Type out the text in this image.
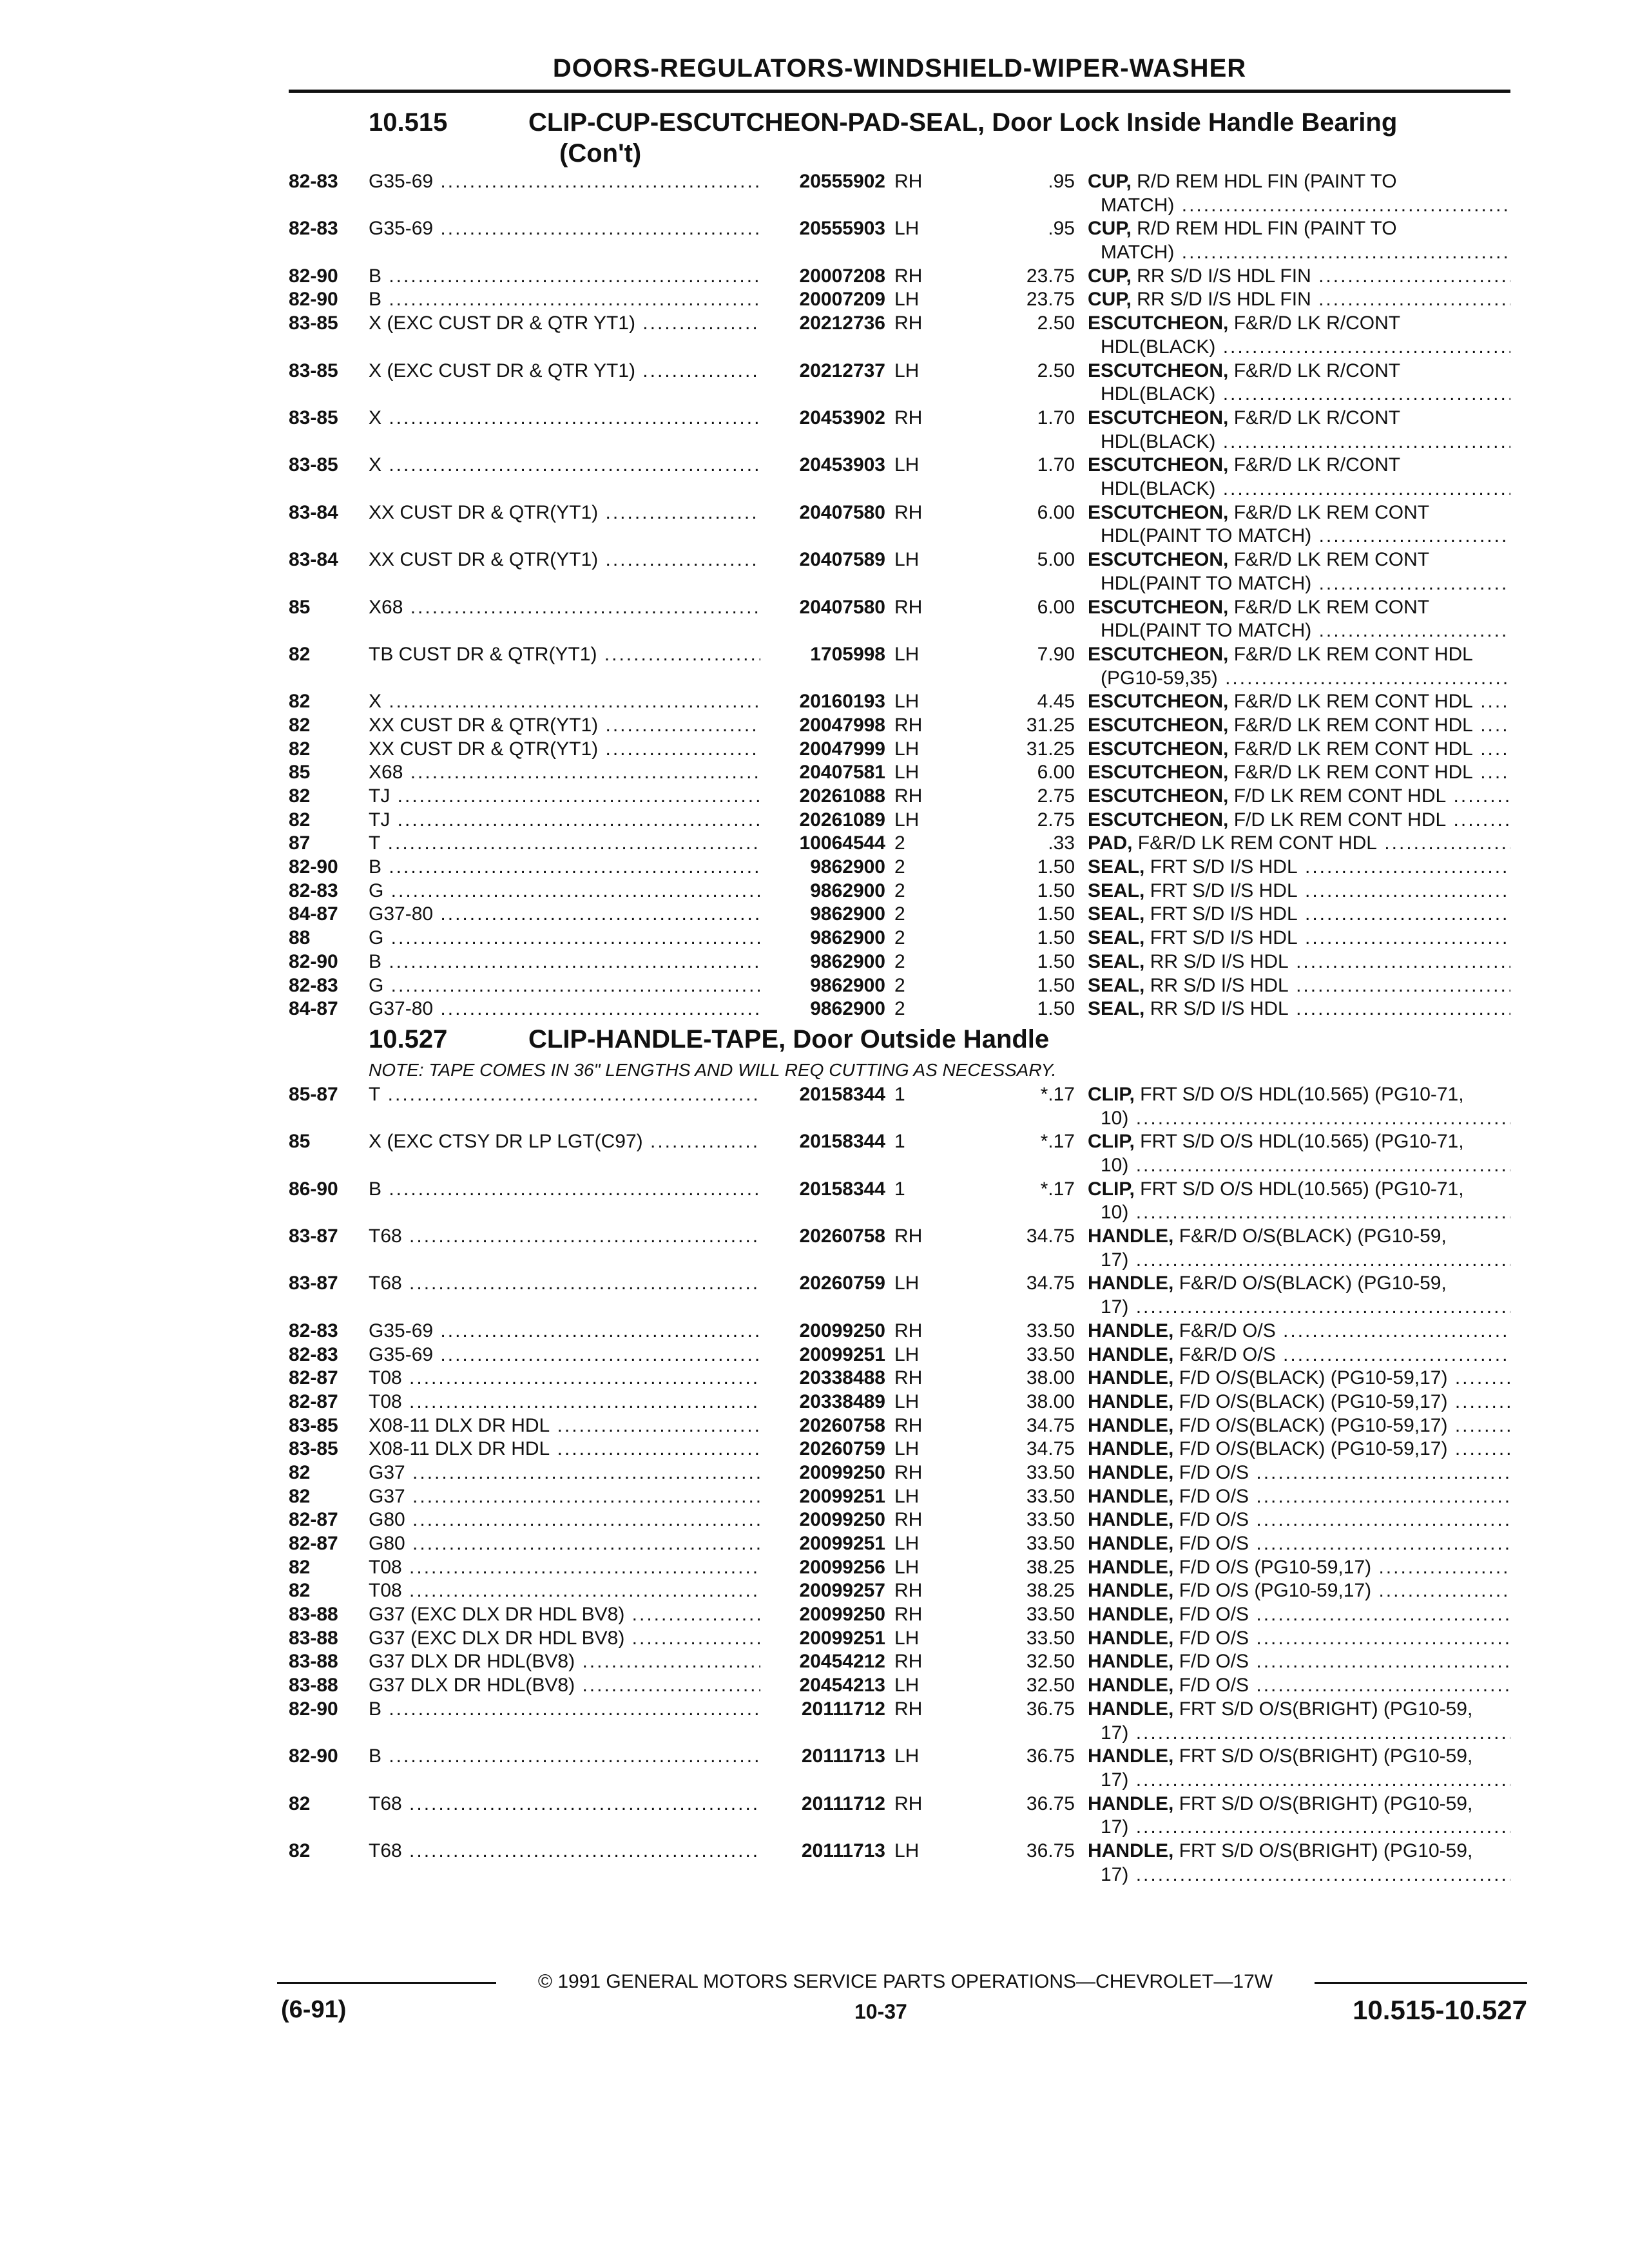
DOORS-REGULATORS-WINDSHIELD-WIPER-WASHER
10.515	CLIP-CUP-ESCUTCHEON-PAD-SEAL, Door Lock Inside Handle Bearing
(Con't)
82-83	G35-69 .....	20555902 RH	.95 CUP, R/D REM HDL FIN (PAINT TO
MATCH) .....
82-83	G35-69 .....	20555903 LH	.95 CUP, R/D REM HDL FIN (PAINT TO
MATCH) .....
82-90	B .....	20007208 RH	23.75 CUP, RR S/D I/S HDL FIN .....
82-90	B .....	20007209 LH	23.75 CUP, RR S/D I/S HDL FIN .....
83-85	X (EXC CUST DR & QTR YT1) .....	20212736 RH	2.50 ESCUTCHEON, F&R/D LK R/CONT
HDL(BLACK) .....
83-85	X (EXC CUST DR & QTR YT1) .....	20212737 LH	2.50 ESCUTCHEON, F&R/D LK R/CONT
HDL(BLACK) .....
83-85	X .....	20453902 RH	1.70 ESCUTCHEON, F&R/D LK R/CONT
HDL(BLACK) .....
83-85	X .....	20453903 LH	1.70 ESCUTCHEON, F&R/D LK R/CONT
HDL(BLACK) .....
83-84	XX CUST DR & QTR(YT1) .....	20407580 RH	6.00 ESCUTCHEON, F&R/D LK REM CONT
HDL(PAINT TO MATCH) .....
83-84	XX CUST DR & QTR(YT1) .....	20407589 LH	5.00 ESCUTCHEON, F&R/D LK REM CONT
HDL(PAINT TO MATCH) .....
85	X68 .....	20407580 RH	6.00 ESCUTCHEON, F&R/D LK REM CONT
HDL(PAINT TO MATCH) .....
82	TB CUST DR & QTR(YT1) .....	1705998 LH	7.90 ESCUTCHEON, F&R/D LK REM CONT HDL
(PG10-59,35) .....
82	X .....	20160193 LH	4.45 ESCUTCHEON, F&R/D LK REM CONT HDL .....
82	XX CUST DR & QTR(YT1) .....	20047998 RH	31.25 ESCUTCHEON, F&R/D LK REM CONT HDL .....
82	XX CUST DR & QTR(YT1) .....	20047999 LH	31.25 ESCUTCHEON, F&R/D LK REM CONT HDL .....
85	X68 .....	20407581 LH	6.00 ESCUTCHEON, F&R/D LK REM CONT HDL .....
82	TJ .....	20261088 RH	2.75 ESCUTCHEON, F/D LK REM CONT HDL .....
82	TJ .....	20261089 LH	2.75 ESCUTCHEON, F/D LK REM CONT HDL .....
87	T .....	10064544 2	.33 PAD, F&R/D LK REM CONT HDL .....
82-90	B .....	9862900 2	1.50 SEAL, FRT S/D I/S HDL .....
82-83	G .....	9862900 2	1.50 SEAL, FRT S/D I/S HDL .....
84-87	G37-80 .....	9862900 2	1.50 SEAL, FRT S/D I/S HDL .....
88	G .....	9862900 2	1.50 SEAL, FRT S/D I/S HDL .....
82-90	B .....	9862900 2	1.50 SEAL, RR S/D I/S HDL .....
82-83	G .....	9862900 2	1.50 SEAL, RR S/D I/S HDL .....
84-87	G37-80 .....	9862900 2	1.50 SEAL, RR S/D I/S HDL .....
10.527	CLIP-HANDLE-TAPE, Door Outside Handle
NOTE: TAPE COMES IN 36" LENGTHS AND WILL REQ CUTTING AS NECESSARY.
85-87	T .....	20158344 1	*.17 CLIP, FRT S/D O/S HDL(10.565) (PG10-71,
10) .....
85	X (EXC CTSY DR LP LGT(C97) .....	20158344 1	*.17 CLIP, FRT S/D O/S HDL(10.565) (PG10-71,
10) .....
86-90	B .....	20158344 1	*.17 CLIP, FRT S/D O/S HDL(10.565) (PG10-71,
10) .....
83-87	T68 .....	20260758 RH	34.75 HANDLE, F&R/D O/S(BLACK) (PG10-59,
17) .....
83-87	T68 .....	20260759 LH	34.75 HANDLE, F&R/D O/S(BLACK) (PG10-59,
17) .....
82-83	G35-69 .....	20099250 RH	33.50 HANDLE, F&R/D O/S .....
82-83	G35-69 .....	20099251 LH	33.50 HANDLE, F&R/D O/S .....
82-87	T08 .....	20338488 RH	38.00 HANDLE, F/D O/S(BLACK) (PG10-59,17) .....
82-87	T08 .....	20338489 LH	38.00 HANDLE, F/D O/S(BLACK) (PG10-59,17) .....
83-85	X08-11 DLX DR HDL .....	20260758 RH	34.75 HANDLE, F/D O/S(BLACK) (PG10-59,17) .....
83-85	X08-11 DLX DR HDL .....	20260759 LH	34.75 HANDLE, F/D O/S(BLACK) (PG10-59,17) .....
82	G37 .....	20099250 RH	33.50 HANDLE, F/D O/S .....
82	G37 .....	20099251 LH	33.50 HANDLE, F/D O/S .....
82-87	G80 .....	20099250 RH	33.50 HANDLE, F/D O/S .....
82-87	G80 .....	20099251 LH	33.50 HANDLE, F/D O/S .....
82	T08 .....	20099256 LH	38.25 HANDLE, F/D O/S (PG10-59,17) .....
82	T08 .....	20099257 RH	38.25 HANDLE, F/D O/S (PG10-59,17) .....
83-88	G37 (EXC DLX DR HDL BV8) .....	20099250 RH	33.50 HANDLE, F/D O/S .....
83-88	G37 (EXC DLX DR HDL BV8) .....	20099251 LH	33.50 HANDLE, F/D O/S .....
83-88	G37 DLX DR HDL(BV8) .....	20454212 RH	32.50 HANDLE, F/D O/S .....
83-88	G37 DLX DR HDL(BV8) .....	20454213 LH	32.50 HANDLE, F/D O/S .....
82-90	B .....	20111712 RH	36.75 HANDLE, FRT S/D O/S(BRIGHT) (PG10-59,
17) .....
82-90	B .....	20111713 LH	36.75 HANDLE, FRT S/D O/S(BRIGHT) (PG10-59,
17) .....
82	T68 .....	20111712 RH	36.75 HANDLE, FRT S/D O/S(BRIGHT) (PG10-59,
17) .....
82	T68 .....	20111713 LH	36.75 HANDLE, FRT S/D O/S(BRIGHT) (PG10-59,
17) .....
© 1991 GENERAL MOTORS SERVICE PARTS OPERATIONS—CHEVROLET—17W
(6-91)	10-37	10.515-10.527
